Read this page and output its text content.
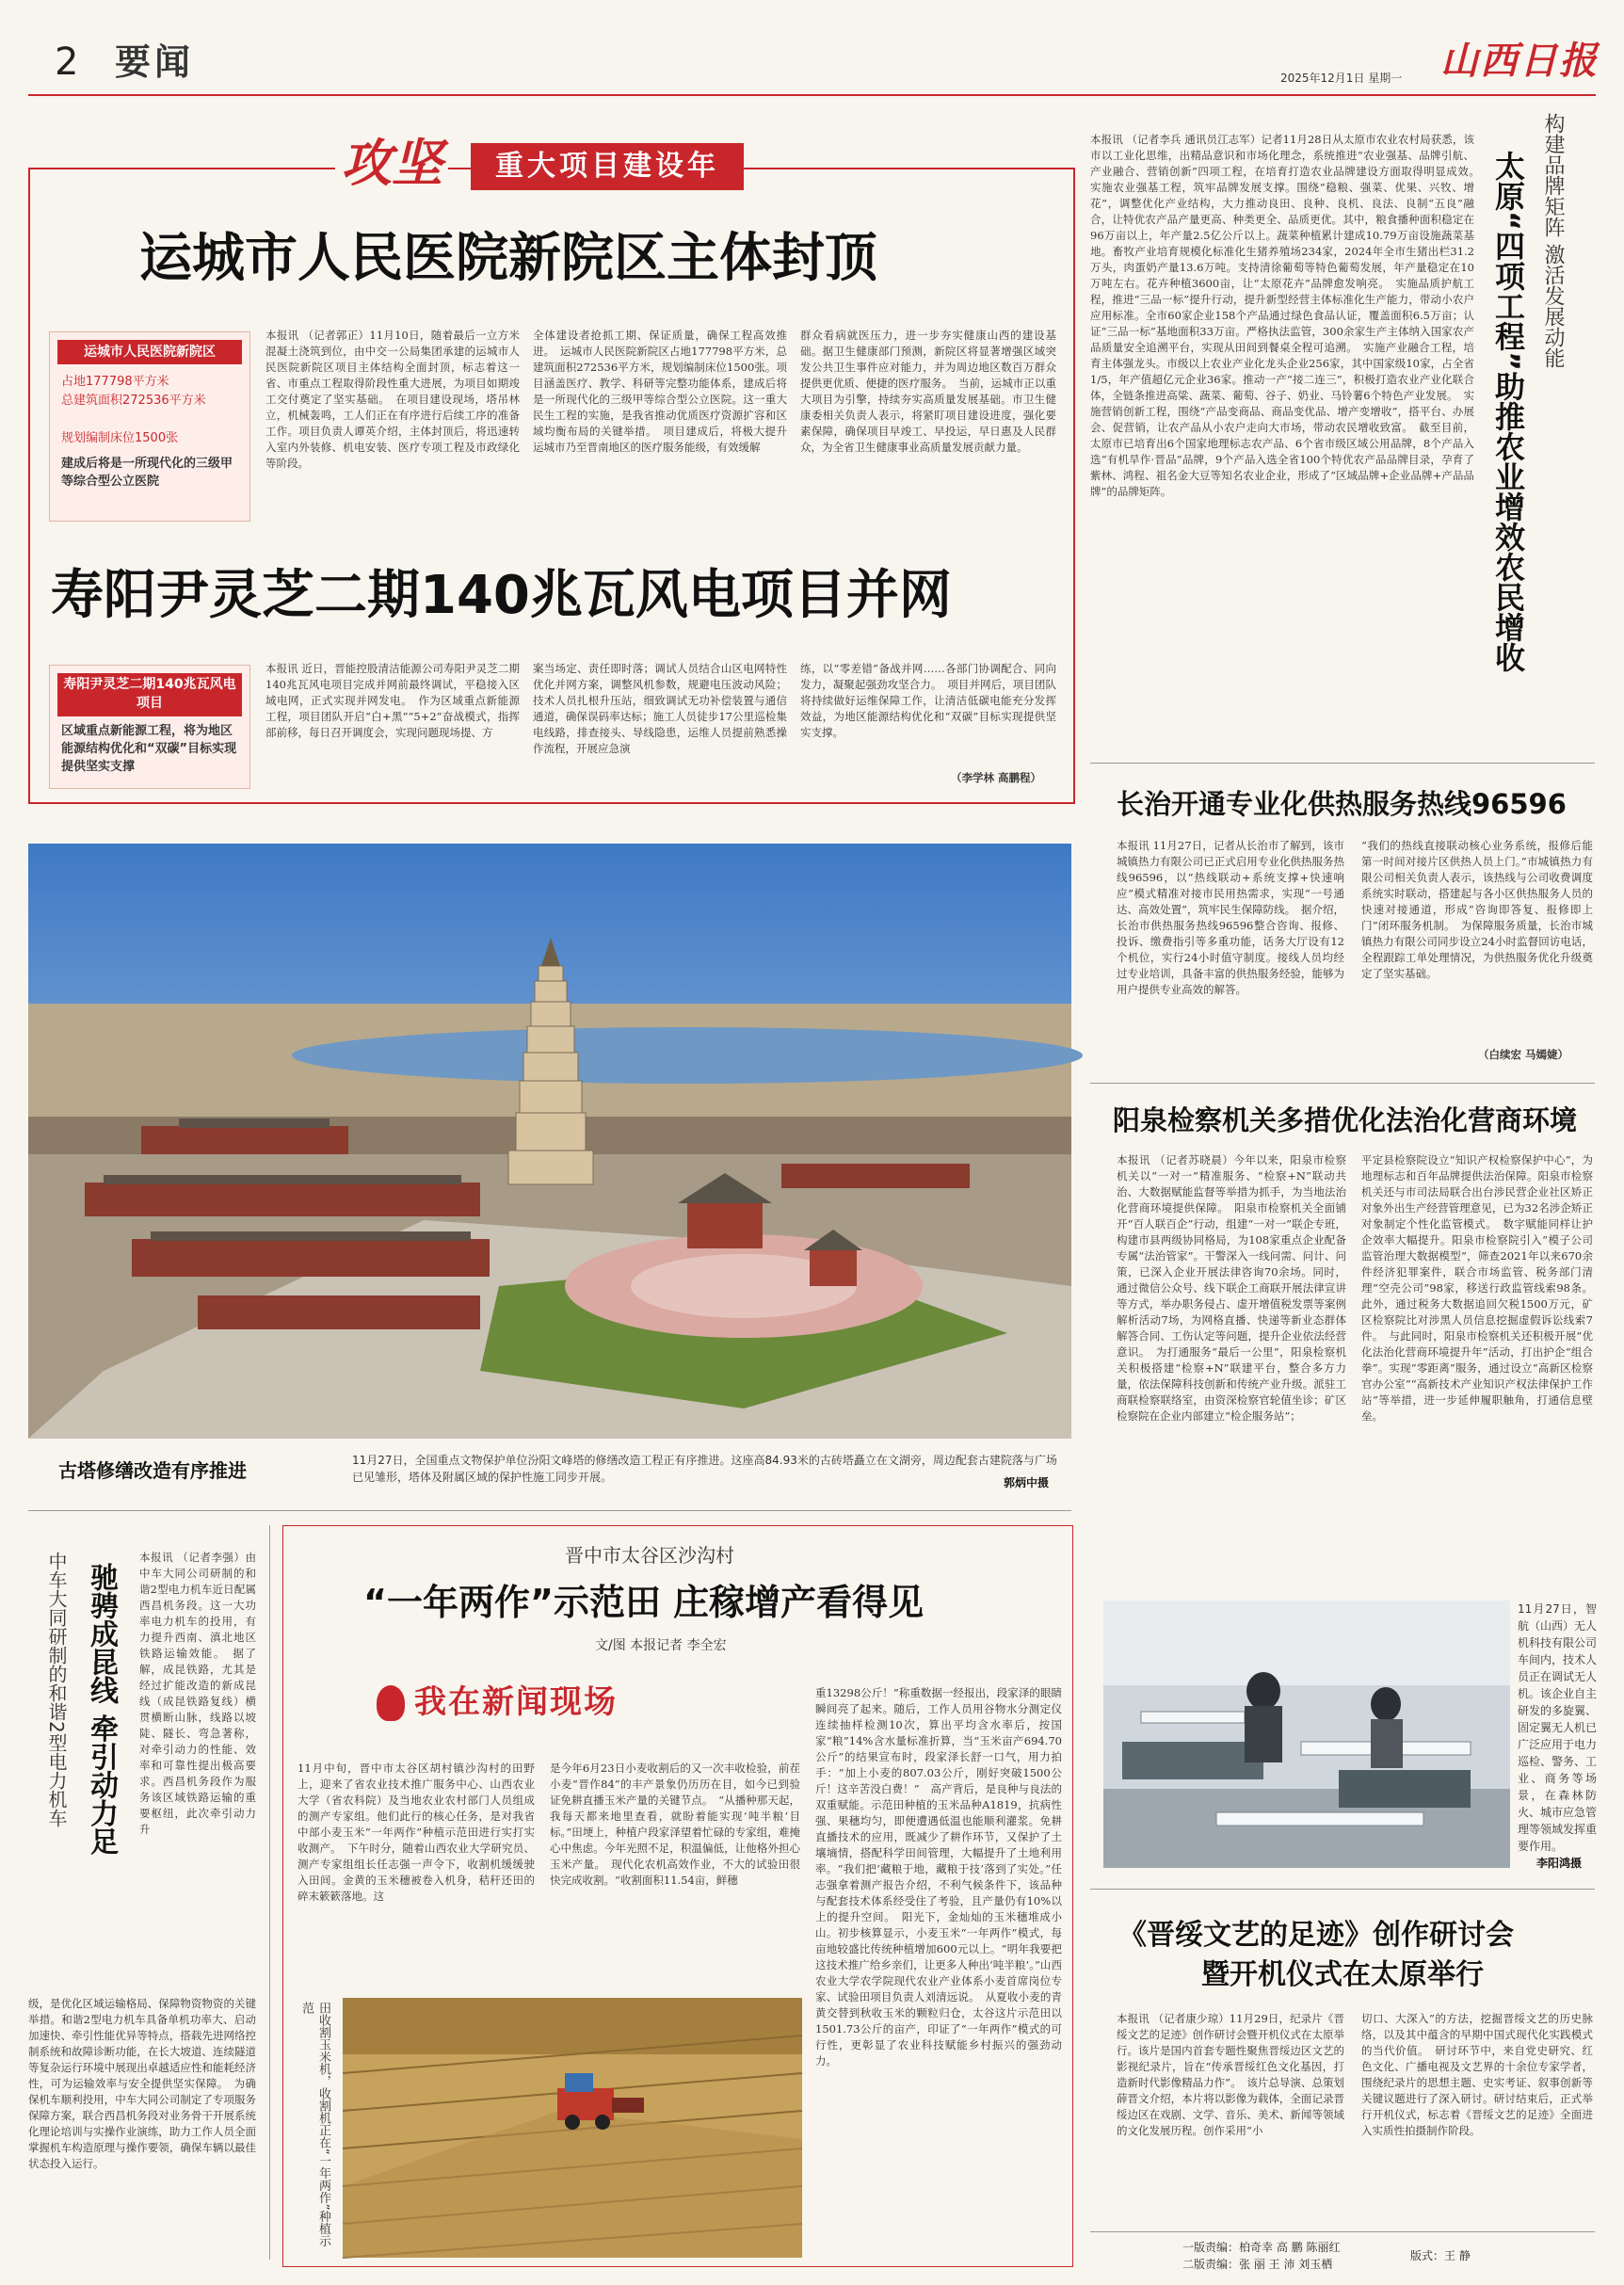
2 要闻	2025年12月1日 星期一 山西日报
攻坚	重大项目建设年
运城市人民医院新院区主体封顶
运城市人民医院新院区
占地177798平方米
总建筑面积272536平方米
规划编制床位1500张
建成后将是一所现代化的三级甲等综合型公立医院

本报讯 （记者郭正）11月10日，随着最后一立方米混凝土浇筑到位，由中交一公局集团承建的运城市人民医院新院区项目主体结构全面封顶，标志着这一省、市重点工程取得阶段性重大进展，为项目如期竣工交付奠定了坚实基础。　在项目建设现场，塔吊林立，机械轰鸣，工人们正在有序进行后续工序的准备工作。项目负责人谭英介绍，主体封顶后，将迅速转入室内外装修、机电安装、医疗专项工程及市政绿化等阶段。

全体建设者抢抓工期、保证质量，确保工程高效推进。　运城市人民医院新院区占地177798平方米，总建筑面积272536平方米，规划编制床位1500张。项目涵盖医疗、教学、科研等完整功能体系，建成后将是一所现代化的三级甲等综合型公立医院。这一重大民生工程的实施，是我省推动优质医疗资源扩容和区域均衡布局的关键举措。　项目建成后，将极大提升运城市乃至晋南地区的医疗服务能级，有效缓解

群众看病就医压力，进一步夯实健康山西的建设基础。据卫生健康部门预测，新院区将显著增强区域突发公共卫生事件应对能力，并为周边地区数百万群众提供更优质、便捷的医疗服务。　当前，运城市正以重大项目为引擎，持续夯实高质量发展基础。市卫生健康委相关负责人表示，将紧盯项目建设进度，强化要素保障，确保项目早竣工、早投运，早日惠及人民群众，为全省卫生健康事业高质量发展贡献力量。

寿阳尹灵芝二期140兆瓦风电项目并网
寿阳尹灵芝二期140兆瓦风电项目
区域重点新能源工程，将为地区能源结构优化和“双碳”目标实现提供坚实支撑

本报讯 近日，晋能控股清洁能源公司寿阳尹灵芝二期140兆瓦风电项目完成并网前最终调试，平稳接入区域电网，正式实现并网发电。　作为区域重点新能源工程，项目团队开启“白+黑”“5+2”奋战模式，指挥部前移，每日召开调度会，实现问题现场提、方

案当场定、责任即时落；调试人员结合山区电网特性优化并网方案，调整风机参数，规避电压波动风险；技术人员扎根升压站，细致调试无功补偿装置与通信通道，确保误码率达标；施工人员徒步17公里巡检集电线路，排查接头、导线隐患，运维人员提前熟悉操作流程，开展应急演

练，以“零差错”备战并网……各部门协调配合、同向发力，凝聚起强劲攻坚合力。　项目并网后，项目团队将持续做好运维保障工作，让清洁低碳电能充分发挥效益，为地区能源结构优化和“双碳”目标实现提供坚实支撑。

（李学林 高鹏程）

本报讯 （记者李兵 通讯员江志军）记者11月28日从太原市农业农村局获悉，该市以工业化思维，出精品意识和市场化理念，系统推进“农业强基、品牌引航、产业融合、营销创新”四项工程，在培育打造农业品牌建设方面取得明显成效。　实施农业强基工程，筑牢品牌发展支撑。围绕“稳粮、强菜、优果、兴牧、增花”，调整优化产业结构，大力推动良田、良种、良机、良法、良制“五良”融合，让特优农产品产量更高、种类更全、品质更优。其中，粮食播种面积稳定在96万亩以上，年产量2.5亿公斤以上。蔬菜种植累计建成10.79万亩设施蔬菜基地。畜牧产业培育规模化标准化生猪养殖场234家，2024年全市生猪出栏31.2万头，肉蛋奶产量13.6万吨。支持清徐葡萄等特色葡萄发展，年产量稳定在10万吨左右。花卉种植3600亩，让“太原花卉”品牌愈发响亮。　实施品质护航工程，推进“三品一标”提升行动，提升新型经营主体标准化生产能力，带动小农户应用标准。全市60家企业158个产品通过绿色食品认证，覆盖面积6.5万亩；认证“三品一标”基地面积33万亩。严格执法监管，300余家生产主体纳入国家农产品质量安全追溯平台，实现从田间到餐桌全程可追溯。　实施产业融合工程，培育主体强龙头。市级以上农业产业化龙头企业256家，其中国家级10家，占全省1/5，年产值超亿元企业36家。推动一产“接二连三”，积极打造农业产业化联合体，全链条推进高粱、蔬菜、葡萄、谷子、奶业、马铃薯6个特色产业发展。　实施营销创新工程，围绕“产品变商品、商品变优品、增产变增收”，搭平台、办展会、促营销，让农产品从小农户走向大市场，带动农民增收致富。　截至目前，太原市已培育出6个国家地理标志农产品、6个省市级区域公用品牌，8个产品入选“有机旱作·晋品”品牌，9个产品入选全省100个特优农产品品牌目录，孕育了紫林、鸿程、祖名金大豆等知名农业企业，形成了“区域品牌+企业品牌+产品品牌”的品牌矩阵。	太原“四项工程”助推农业增效农民增收 构建品牌矩阵 激活发展动能
长治开通专业化供热服务热线96596

本报讯 11月27日，记者从长治市了解到，该市城镇热力有限公司已正式启用专业化供热服务热线96596，以“热线联动+系统支撑+快速响应”模式精准对接市民用热需求，实现“一号通达、高效处置”，筑牢民生保障防线。　据介绍，长治市供热服务热线96596整合咨询、报修、投诉、缴费指引等多重功能，话务大厅设有12个机位，实行24小时值守制度。接线人员均经过专业培训，具备丰富的供热服务经验，能够为用户提供专业高效的解答。

“我们的热线直接联动核心业务系统，报修后能第一时间对接片区供热人员上门。”市城镇热力有限公司相关负责人表示，该热线与公司收费调度系统实时联动，搭建起与各小区供热服务人员的快速对接通道，形成“咨询即答复、报修即上门”闭环服务机制。　为保障服务质量，长治市城镇热力有限公司同步设立24小时监督回访电话，全程跟踪工单处理情况，为供热服务优化升级奠定了坚实基础。

（白续宏 马嫣婕）
阳泉检察机关多措优化法治化营商环境

本报讯 （记者苏晓晨）今年以来，阳泉市检察机关以“一对一”精准服务、“检察+N”联动共治、大数据赋能监督等举措为抓手，为当地法治化营商环境提供保障。　阳泉市检察机关全面铺开“百人联百企”行动，组建“一对一”联企专班，构建市县两级协同格局，为108家重点企业配备专属“法治管家”。干警深入一线问需、问计、问策，已深入企业开展法律咨询70余场。同时，通过微信公众号、线下联企工商联开展法律宣讲等方式，举办职务侵占、虚开增值税发票等案例解析活动7场，为网格直播、快递等新业态群体解答合同、工伤认定等问题，提升企业依法经营意识。　为打通服务“最后一公里”，阳泉检察机关积极搭建“检察+N”联建平台，整合多方力量，依法保障科技创新和传统产业升级。派驻工商联检察联络室，由资深检察官轮值坐诊；矿区检察院在企业内部建立“检企服务站”；

平定县检察院设立“知识产权检察保护中心”，为地理标志和百年品牌提供法治保障。阳泉市检察机关还与市司法局联合出台涉民营企业社区矫正对象外出生产经营管理意见，已为32名涉企矫正对象制定个性化监管模式。　数字赋能同样让护企效率大幅提升。阳泉市检察院引入“模子公司监管治理大数据模型”，筛查2021年以来670余件经济犯罪案件，联合市场监管、税务部门清理“空壳公司”98家，移送行政监管线索98条。此外，通过税务大数据追回欠税1500万元，矿区检察院比对涉黑人员信息挖掘虚假诉讼线索7件。　与此同时，阳泉市检察机关还积极开展“优化法治化营商环境提升年”活动，打出护企“组合拳”。实现“零距离”服务，通过设立“高新区检察官办公室”“高新技术产业知识产权法律保护工作站”等举措，进一步延伸履职触角，打通信息壁垒。

古塔修缮改造有序推进	11月27日，全国重点文物保护单位汾阳文峰塔的修缮改造工程正有序推进。这座高84.93米的古砖塔矗立在文湖旁，周边配套古建院落与广场已见雏形，塔体及附属区域的保护性施工同步开展。	郭炳中摄
驰骋成昆线 牵引动力足
中车大同研制的和谐2型电力机车	本报讯 （记者李强）由中车大同公司研制的和谐2型电力机车近日配属西昌机务段。这一大功率电力机车的投用，有力提升西南、滇北地区铁路运输效能。　据了解，成昆铁路，尤其是经过扩能改造的新成昆线（成昆铁路复线）横贯横断山脉，线路以坡陡、隧长、弯急著称，对牵引动力的性能、效率和可靠性提出极高要求。西昌机务段作为服务该区域铁路运输的重要枢纽，此次牵引动力升

级，是优化区域运输格局、保障物资物资的关键举措。和谐2型电力机车具备单机功率大、启动加速快、牵引性能优异等特点，搭载先进网络控制系统和故障诊断功能，在长大坡道、连续隧道等复杂运行环境中展现出卓越适应性和能耗经济性，可为运输效率与安全提供坚实保障。　为确保机车顺利投用，中车大同公司制定了专项服务保障方案，联合西昌机务段对业务骨干开展系统化理论培训与实操作业演练，助力工作人员全面掌握机车构造原理与操作要领，确保车辆以最佳状态投入运行。

晋中市太谷区沙沟村
“一年两作”示范田 庄稼增产看得见
文/图 本报记者 李全宏
我在新闻现场

11月中旬，晋中市太谷区胡村镇沙沟村的田野上，迎来了省农业技术推广服务中心、山西农业大学（省农科院）及当地农业农村部门人员组成的测产专家组。他们此行的核心任务，是对我省中部小麦玉米“一年两作”种植示范田进行实打实收测产。　下午时分，随着山西农业大学研究员、测产专家组组长任志强一声令下，收割机缓缓驶入田间。金黄的玉米穗被卷入机身，秸秆还田的碎末簌簌落地。这

是今年6月23日小麦收割后的又一次丰收检验，前茬小麦“晋作84”的丰产景象仍历历在目，如今已到验证免耕直播玉米产量的关键节点。　“从播种那天起，我每天都来地里查看，就盼着能实现‘吨半粮’目标。”田埂上，种植户段家泽望着忙碌的专家组，难掩心中焦虑。今年光照不足，积温偏低，让他格外担心玉米产量。　现代化农机高效作业，不大的试验田很快完成收割。“收割面积11.54亩，鲜穗

重13298公斤！”称重数据一经报出，段家泽的眼睛瞬间亮了起来。随后，工作人员用谷物水分测定仪连续抽样检测10次，算出平均含水率后，按国家“粮”14%含水量标准折算，当“玉米亩产694.70公斤”的结果宣布时，段家泽长舒一口气，用力拍手：“加上小麦的807.03公斤，刚好突破1500公斤！这辛苦没白费！”　高产背后，是良种与良法的双重赋能。示范田种植的玉米品种A1819，抗病性强、果穗均匀，即便遭遇低温也能顺利灌浆。免耕直播技术的应用，既减少了耕作环节，又保护了土壤墒情，搭配科学田间管理，大幅提升了土地利用率。“我们把‘藏粮于地，藏粮于技’落到了实处。”任志强拿着测产报告介绍，不利气候条件下，该品种与配套技术体系经受住了考验，且产量仍有10%以上的提升空间。　阳光下，金灿灿的玉米穗堆成小山。初步核算显示，小麦玉米“一年两作”模式，每亩地较盛比传统种植增加600元以上。“明年我要把这技术推广给乡亲们，让更多人种出‘吨半粮’。”山西农业大学农学院现代农业产业体系小麦首席岗位专家、试验田项目负责人刘清远说。　从夏收小麦的青黄交替到秋收玉米的颗粒归仓，太谷这片示范田以1501.73公斤的亩产，印证了“一年两作”模式的可行性，更彰显了农业科技赋能乡村振兴的强劲动力。

田收割玉米机，收割机正在“一年两作”种植示范

11月27日，智航（山西）无人机科技有限公司车间内，技术人员正在调试无人机。该企业自主研发的多旋翼、固定翼无人机已广泛应用于电力巡检、警务、工业、商务等场景，在森林防火、城市应急管理等领域发挥重要作用。

李阳鸿摄
《晋绥文艺的足迹》创作研讨会
暨开机仪式在太原举行

本报讯 （记者康少琼）11月29日，纪录片《晋绥文艺的足迹》创作研讨会暨开机仪式在太原举行。该片是国内首套专题性聚焦晋绥边区文艺的影视纪录片，旨在“传承晋绥红色文化基因，打造新时代影像精品力作”。　该片总导演、总策划薛晋文介绍，本片将以影像为载体，全面记录晋绥边区在戏剧、文学、音乐、美术、新闻等领域的文化发展历程。创作采用“小

切口、大深入”的方法，挖掘晋绥文艺的历史脉络，以及其中蕴含的早期中国式现代化实践模式的当代价值。　研讨环节中，来自党史研究、红色文化、广播电视及文艺界的十余位专家学者，围绕纪录片的思想主题、史实考证、叙事创新等关键议题进行了深入研讨。研讨结束后，正式举行开机仪式，标志着《晋绥文艺的足迹》全面进入实质性拍摄制作阶段。

一版责编：柏奇幸 高 鹏 陈丽红
二版责编：张 丽 王 沛 刘玉栖
版式：王 静
